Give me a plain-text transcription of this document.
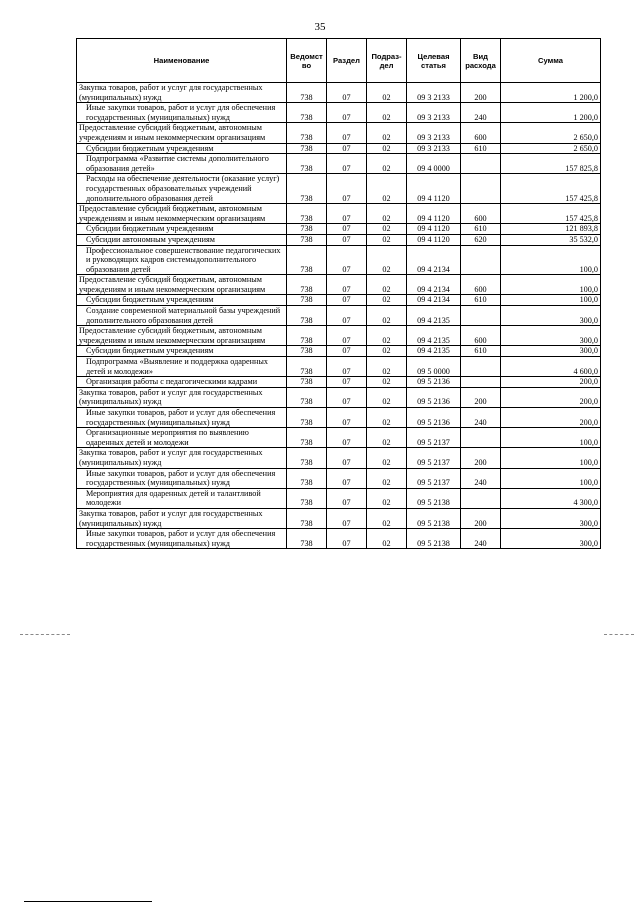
35
Наименование	Ведомст во	Раздел	Подраз- дел	Целевая статья	Вид расхода	Сумма
Закупка товаров, работ и услуг для государственных (муниципальных) нужд	738	07	02	09 3 2133	200	1 200,0
Иные закупки товаров, работ и услуг для обеспечения государственных (муниципальных) нужд	738	07	02	09 3 2133	240	1 200,0
Предоставление субсидий бюджетным, автономным учреждениям и иным некоммерческим организациям	738	07	02	09 3 2133	600	2 650,0
Субсидии бюджетным учреждениям	738	07	02	09 3 2133	610	2 650,0
Подпрограмма «Развитие системы дополнительного образования детей»	738	07	02	09 4 0000		157 825,8
Расходы на обеспечение деятельности (оказание услуг) государственных образовательных учреждений дополнительного образования детей	738	07	02	09 4 1120		157 425,8
Предоставление субсидий бюджетным, автономным учреждениям и иным некоммерческим организациям	738	07	02	09 4 1120	600	157 425,8
Субсидии бюджетным учреждениям	738	07	02	09 4 1120	610	121 893,8
Субсидии автономным учреждениям	738	07	02	09 4 1120	620	35 532,0
Профессиональное совершенствование педагогических и руководящих кадров системыдополнительного образования детей	738	07	02	09 4 2134		100,0
Предоставление субсидий бюджетным, автономным учреждениям и иным некоммерческим организациям	738	07	02	09 4 2134	600	100,0
Субсидии бюджетным учреждениям	738	07	02	09 4 2134	610	100,0
Создание современной материальной базы учреждений дополнительного образования детей	738	07	02	09 4 2135		300,0
Предоставление субсидий бюджетным, автономным учреждениям и иным некоммерческим организациям	738	07	02	09 4 2135	600	300,0
Субсидии бюджетным учреждениям	738	07	02	09 4 2135	610	300,0
Подпрограмма «Выявление и поддержка одаренных детей и молодежи»	738	07	02	09 5 0000		4 600,0
Организация работы с педагогическими кадрами	738	07	02	09 5 2136		200,0
Закупка товаров, работ и услуг для государственных (муниципальных) нужд	738	07	02	09 5 2136	200	200,0
Иные закупки товаров, работ и услуг для обеспечения государственных (муниципальных) нужд	738	07	02	09 5 2136	240	200,0
Организационные мероприятия по выявлению одаренных детей и молодежи	738	07	02	09 5 2137		100,0
Закупка товаров, работ и услуг для государственных (муниципальных) нужд	738	07	02	09 5 2137	200	100,0
Иные закупки товаров, работ и услуг для обеспечения государственных (муниципальных) нужд	738	07	02	09 5 2137	240	100,0
Мероприятия для одаренных детей и талантливой молодежи	738	07	02	09 5 2138		4 300,0
Закупка товаров, работ и услуг для государственных (муниципальных) нужд	738	07	02	09 5 2138	200	300,0
Иные закупки товаров, работ и услуг для обеспечения государственных (муниципальных) нужд	738	07	02	09 5 2138	240	300,0
